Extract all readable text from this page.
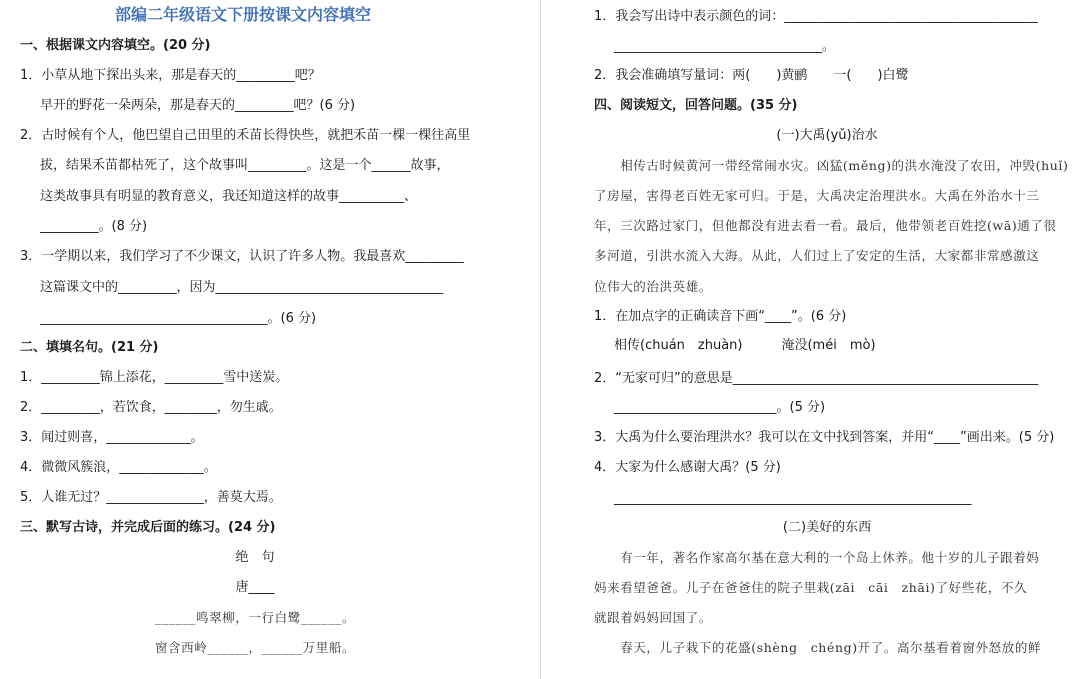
部编二年级语文下册按课文内容填空
一、根据课文内容填空。(20 分)
1．小草从地下探出头来，那是春天的_________吧？
早开的野花一朵两朵，那是春天的_________吧？(6 分)
2．古时候有个人，他巴望自己田里的禾苗长得快些，就把禾苗一棵一棵往高里
拔，结果禾苗都枯死了，这个故事叫_________。这是一个______故事，
这类故事具有明显的教育意义，我还知道这样的故事__________、
_________。(8 分)
3．一学期以来，我们学习了不少课文，认识了许多人物。我最喜欢_________
这篇课文中的_________，因为___________________________________
___________________________________。(6 分)
二、填填名句。(21 分)
1．_________锦上添花，_________雪中送炭。
2．_________，若饮食，________，勿生戚。
3．闻过则喜，_____________。
4．微微风簇浪，_____________。
5．人谁无过？_______________，善莫大焉。
三、默写古诗，并完成后面的练习。(24 分)
绝　句
唐____
______鸣翠柳，一行白鹭______。
窗含西岭______，______万里船。
1．我会写出诗中表示颜色的词：_______________________________________
________________________________。
2．我会准确填写量词：两(　　)黄鹂　　一(　　)白鹭
四、阅读短文，回答问题。(35 分)
(一)大禹(yǔ)治水
　　相传古时候黄河一带经常闹水灾。凶猛(měng)的洪水淹没了农田，冲毁(huǐ)
了房屋，害得老百姓无家可归。于是，大禹决定治理洪水。大禹在外治水十三
年，三次路过家门，但他都没有进去看一看。最后，他带领老百姓挖(wā)通了很
多河道，引洪水流入大海。从此，人们过上了安定的生活，大家都非常感激这
位伟大的治洪英雄。
1．在加点字的正确读音下画“____”。(6 分)
相传(chuán　zhuàn)　　　淹没(méi　mò)
2．“无家可归”的意思是_______________________________________________
_________________________。(5 分)
3．大禹为什么要治理洪水？我可以在文中找到答案，并用“____”画出来。(5 分)
4．大家为什么感谢大禹？(5 分)
_______________________________________________________
(二)美好的东西
　　有一年，著名作家高尔基在意大利的一个岛上休养。他十岁的儿子跟着妈
妈来看望爸爸。儿子在爸爸住的院子里栽(zāi　cāi　zhāi)了好些花，不久
就跟着妈妈回国了。
　　春天，儿子栽下的花盛(shèng　chéng)开了。高尔基看着窗外怒放的鲜
